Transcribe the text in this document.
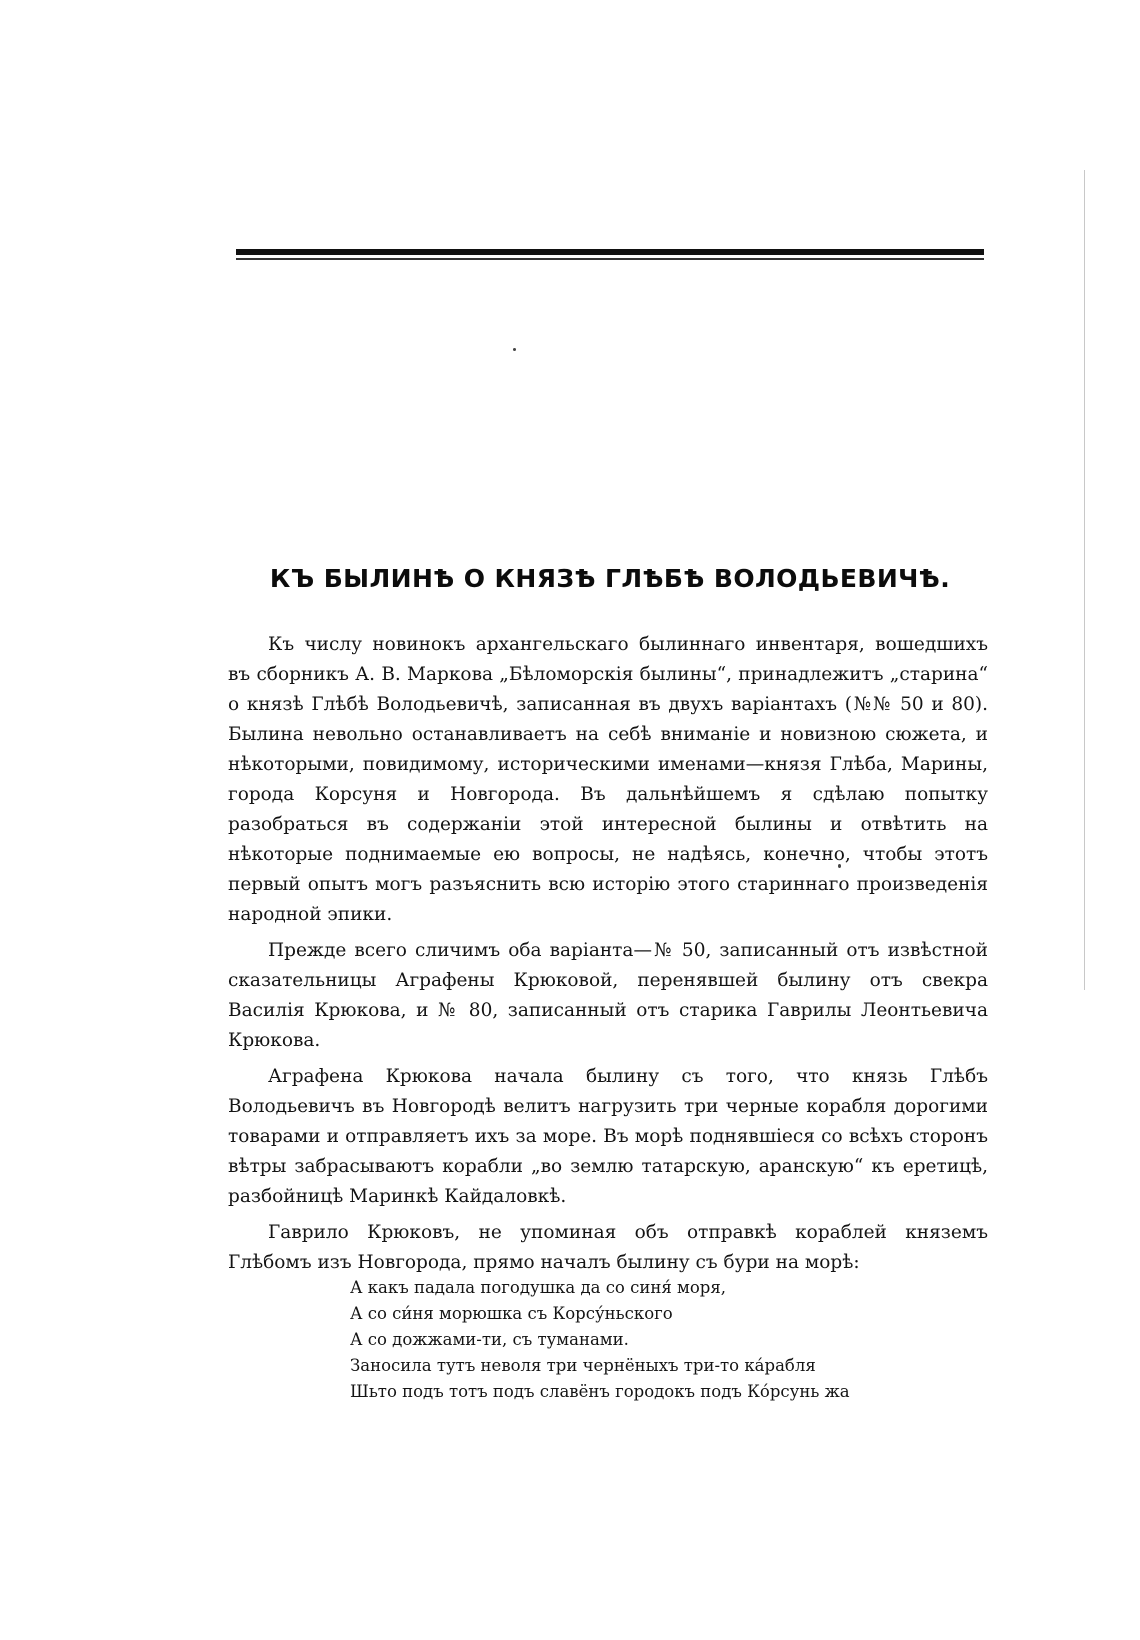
КЪ БЫЛИНѢ О КНЯЗѢ ГЛѢБѢ ВОЛОДЬЕВИЧѢ.

Къ числу новинокъ архангельскаго былиннаго инвентаря, вошедшихъ въ сборникъ А. В. Маркова „Бѣломорскія былины“, принадлежитъ „старина“ о князѣ Глѣбѣ Володьевичѣ, записанная въ двухъ варіантахъ (№№ 50 и 80). Былина невольно останавливаетъ на себѣ вниманіе и новизною сюжета, и нѣкоторыми, повидимому, историческими именами—князя Глѣба, Марины, города Корсуня и Новгорода. Въ дальнѣйшемъ я сдѣлаю попытку разобраться въ содержаніи этой интересной былины и отвѣтить на нѣкоторые поднимаемые ею вопросы, не надѣясь, конечно, чтобы этотъ первый опытъ могъ разъяснить всю исторію этого стариннаго произведенія народной эпики.

Прежде всего сличимъ оба варіанта—№ 50, записанный отъ извѣстной сказательницы Аграфены Крюковой, перенявшей былину отъ свекра Василія Крюкова, и № 80, записанный отъ старика Гаврилы Леонтьевича Крюкова.

Аграфена Крюкова начала былину съ того, что князь Глѣбъ Володьевичъ въ Новгородѣ велитъ нагрузить три черные корабля дорогими товарами и отправляетъ ихъ за море. Въ морѣ поднявшіеся со всѣхъ сторонъ вѣтры забрасываютъ корабли „во землю татарскую, аранскую“ къ еретицѣ, разбойницѣ Маринкѣ Кайдаловкѣ.

Гаврило Крюковъ, не упоминая объ отправкѣ кораблей княземъ Глѣбомъ изъ Новгорода, прямо началъ былину съ бури на морѣ:

А какъ падала погодушка да со синя́ моря,
А со си́ня морюшка съ Корсу́ньского
А со дожжами-ти, съ туманами.
Заносила тутъ неволя три чернёныхъ три-то ка́рабля
Шьто подъ тотъ подъ славёнъ городокъ подъ Ко́рсунь жа
